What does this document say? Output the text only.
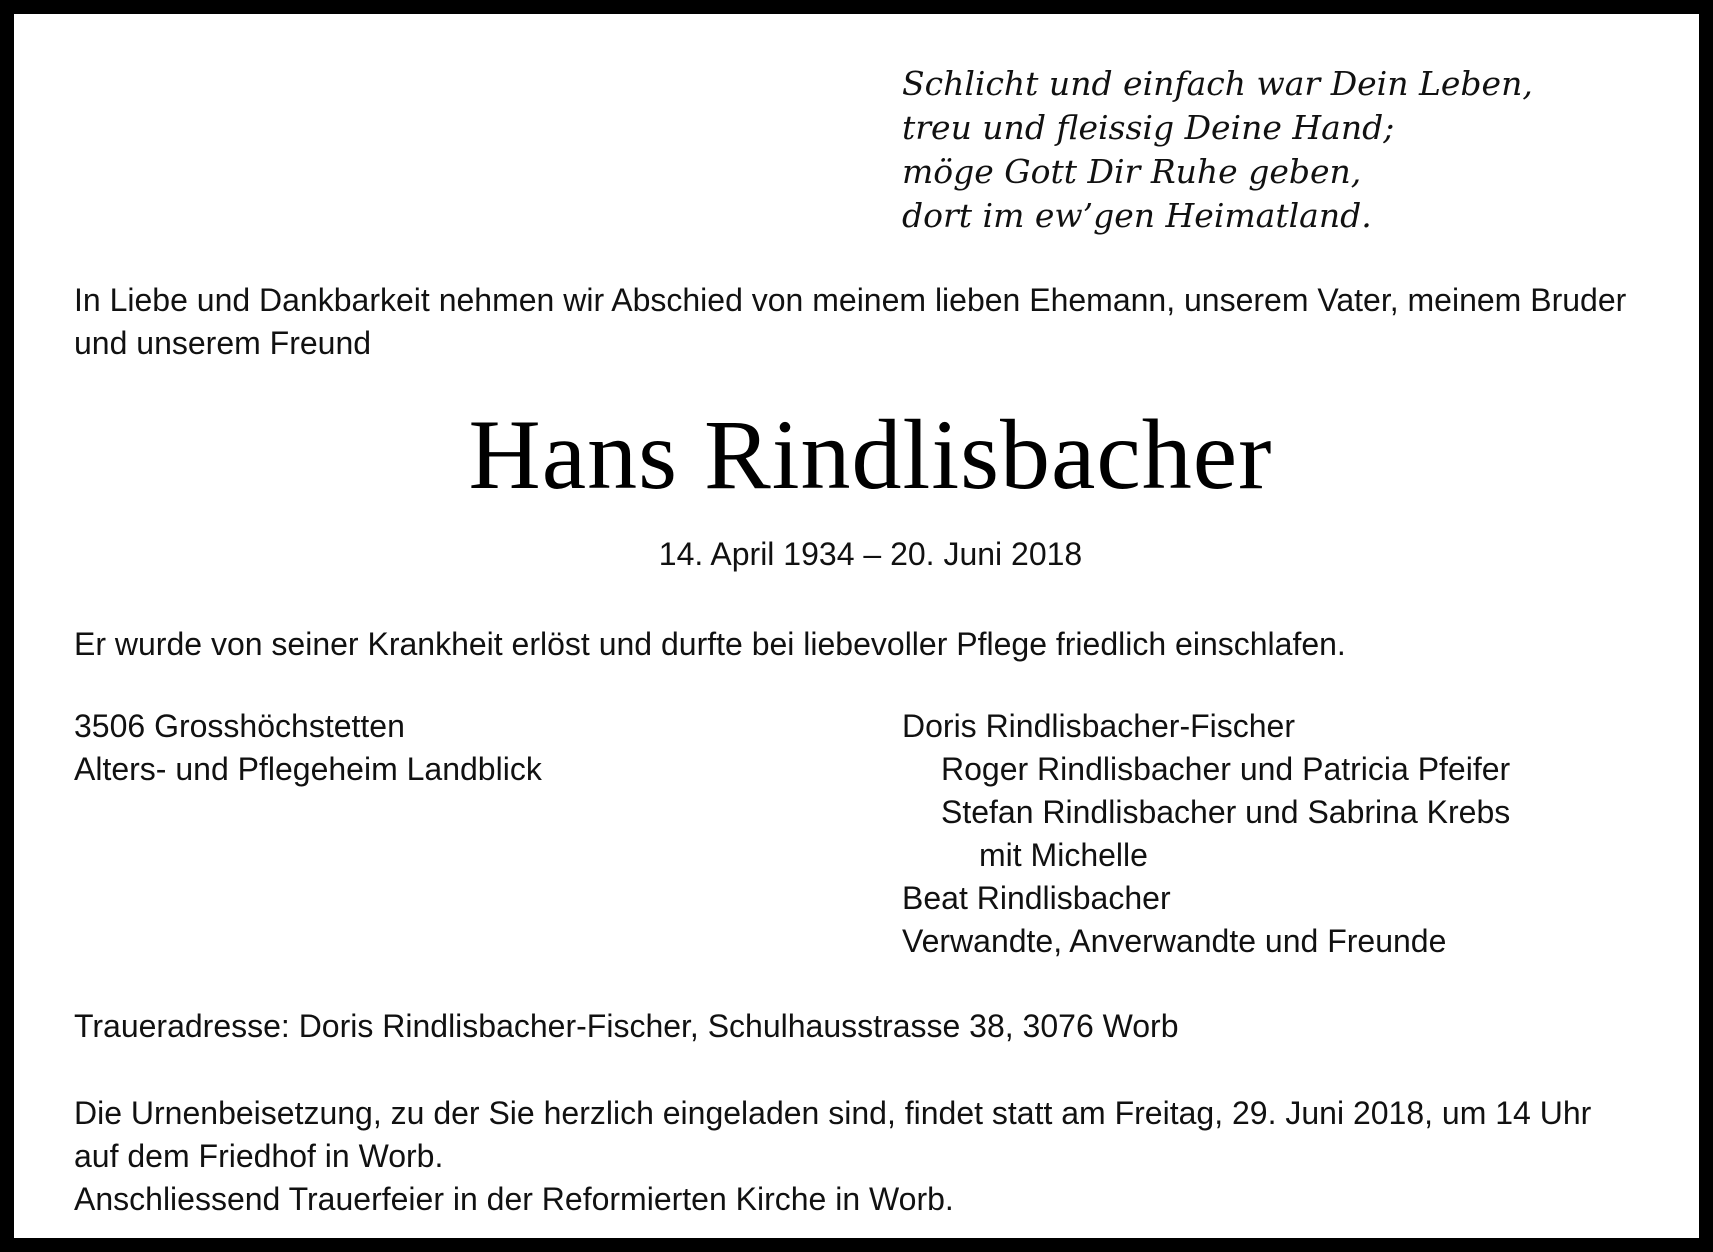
Schlicht und einfach war Dein Leben,
treu und fleissig Deine Hand;
möge Gott Dir Ruhe geben,
dort im ew’gen Heimatland.
In Liebe und Dankbarkeit nehmen wir Abschied von meinem lieben Ehemann, unserem Vater, meinem Bruder
und unserem Freund
Hans Rindlisbacher
14. April 1934 – 20. Juni 2018
Er wurde von seiner Krankheit erlöst und durfte bei liebevoller Pflege friedlich einschlafen.
3506 Grosshöchstetten
Alters- und Pflegeheim Landblick
Doris Rindlisbacher-Fischer
Roger Rindlisbacher und Patricia Pfeifer
Stefan Rindlisbacher und Sabrina Krebs
mit Michelle
Beat Rindlisbacher
Verwandte, Anverwandte und Freunde
Traueradresse: Doris Rindlisbacher-Fischer, Schulhausstrasse 38, 3076 Worb
Die Urnenbeisetzung, zu der Sie herzlich eingeladen sind, findet statt am Freitag, 29. Juni 2018, um 14 Uhr
auf dem Friedhof in Worb.
Anschliessend Trauerfeier in der Reformierten Kirche in Worb.
